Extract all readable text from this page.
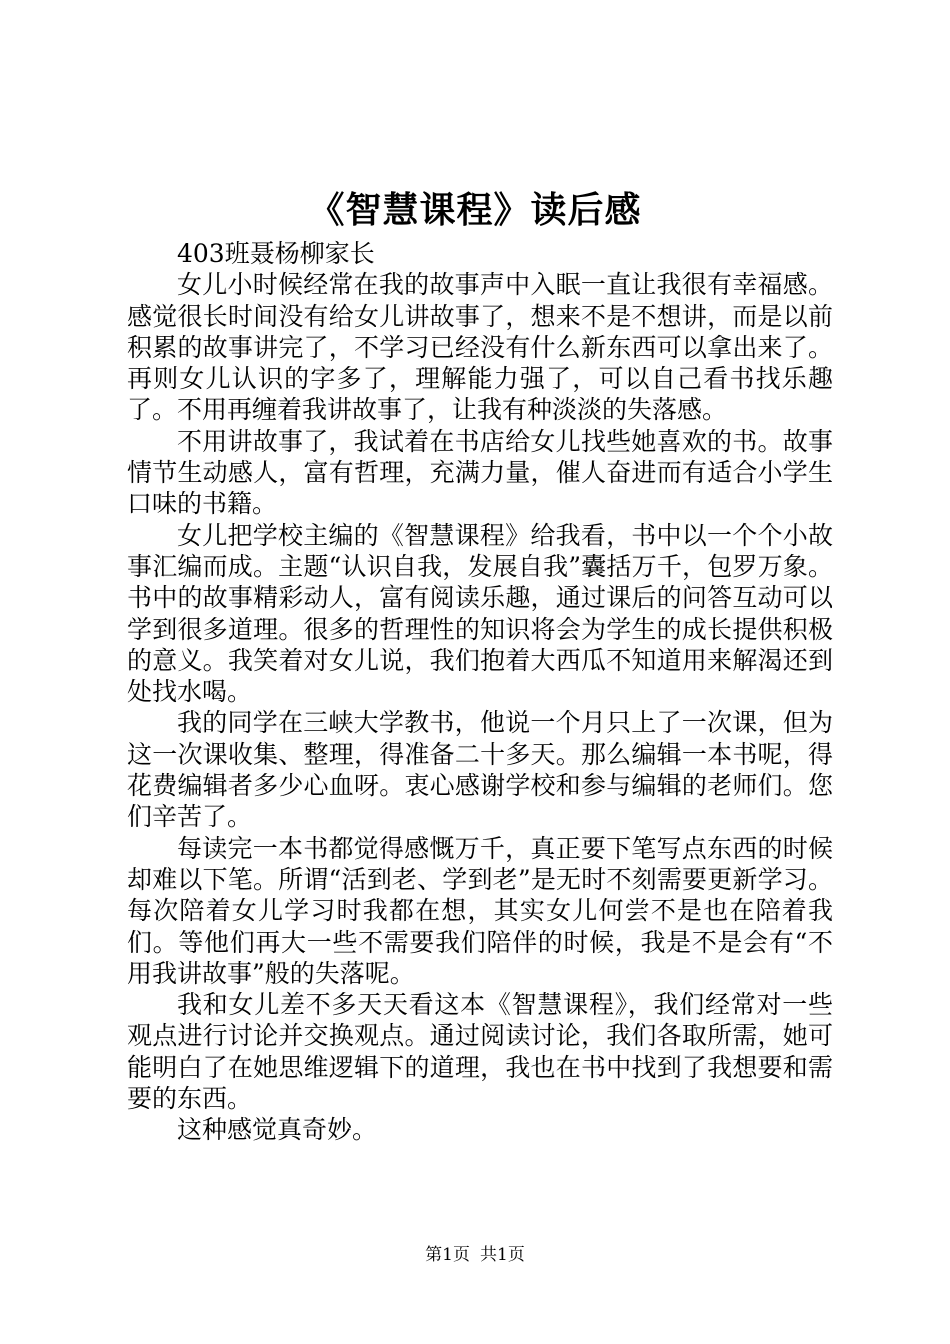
《智慧课程》读后感

403班聂杨柳家长

女儿小时候经常在我的故事声中入眠一直让我很有幸福感。感觉很长时间没有给女儿讲故事了，想来不是不想讲，而是以前积累的故事讲完了，不学习已经没有什么新东西可以拿出来了。再则女儿认识的字多了，理解能力强了，可以自己看书找乐趣了。不用再缠着我讲故事了，让我有种淡淡的失落感。

不用讲故事了，我试着在书店给女儿找些她喜欢的书。故事情节生动感人，富有哲理，充满力量，催人奋进而有适合小学生口味的书籍。

女儿把学校主编的《智慧课程》给我看，书中以一个个小故事汇编而成。主题“认识自我，发展自我”囊括万千，包罗万象。书中的故事精彩动人，富有阅读乐趣，通过课后的问答互动可以学到很多道理。很多的哲理性的知识将会为学生的成长提供积极的意义。我笑着对女儿说，我们抱着大西瓜不知道用来解渴还到处找水喝。

我的同学在三峡大学教书，他说一个月只上了一次课，但为这一次课收集、整理，得准备二十多天。那么编辑一本书呢，得花费编辑者多少心血呀。衷心感谢学校和参与编辑的老师们。您们辛苦了。

每读完一本书都觉得感慨万千，真正要下笔写点东西的时候却难以下笔。所谓“活到老、学到老”是无时不刻需要更新学习。每次陪着女儿学习时我都在想，其实女儿何尝不是也在陪着我们。等他们再大一些不需要我们陪伴的时候，我是不是会有“不用我讲故事”般的失落呢。

我和女儿差不多天天看这本《智慧课程》，我们经常对一些观点进行讨论并交换观点。通过阅读讨论，我们各取所需，她可能明白了在她思维逻辑下的道理，我也在书中找到了我想要和需要的东西。

这种感觉真奇妙。

第1页 共1页
